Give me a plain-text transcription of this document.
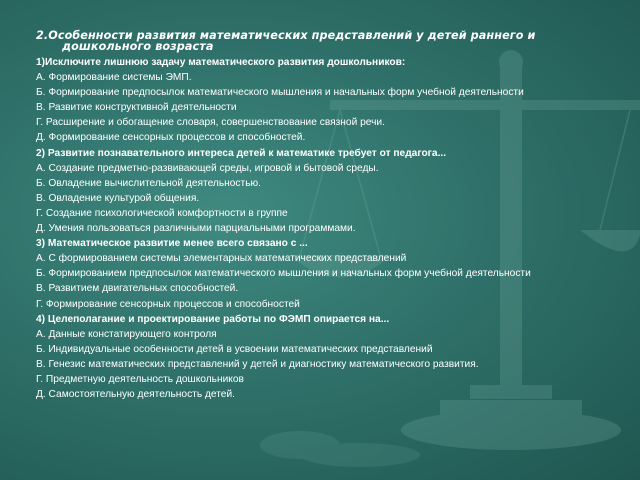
2.Особенности развития математических представлений у детей раннего и
дошкольного возраста
1)Исключите лишнюю задачу математического развития дошкольников:
А. Формирование системы ЭМП.
Б. Формирование предпосылок математического мышления и начальных форм учебной деятельности
В. Развитие конструктивной деятельности
Г. Расширение и обогащение словаря, совершенствование связной речи.
Д. Формирование сенсорных процессов и способностей.
2) Развитие познавательного интереса детей к математике требует от педагога...
А. Создание предметно-развивающей среды, игровой и бытовой среды.
Б. Овладение вычислительной деятельностью.
В. Овладение культурой общения.
Г. Создание психологической комфортности в группе
Д. Умения пользоваться различными парциальными программами.
3) Математическое развитие менее всего связано с ...
А. С формированием системы элементарных математических представлений
Б. Формированием предпосылок математического мышления и начальных форм учебной деятельности
В. Развитием двигательных способностей.
Г. Формирование сенсорных процессов и способностей
4) Целеполагание и проектирование работы по ФЭМП опирается на...
А. Данные констатирующего контроля
Б. Индивидуальные особенности детей в усвоении математических представлений
В. Генезис математических представлений у детей и диагностику математического развития.
Г. Предметную деятельность дошкольников
Д. Самостоятельную деятельность детей.
